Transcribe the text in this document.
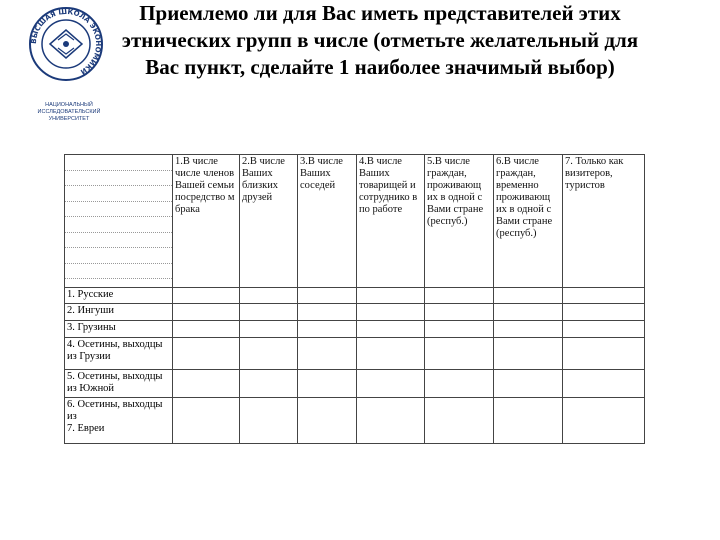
ВЫСШАЯ ШКОЛА ЭКОНОМИКИ
НАЦИОНАЛЬНЫЙ ИССЛЕДОВАТЕЛЬСКИЙ
УНИВЕРСИТЕТ
Приемлемо ли для Вас иметь представителей этих
этнических групп в числе (отметьте желательный для
Вас пункт, сделайте 1 наиболее значимый выбор)
	1.В числе числе членов Вашей семьи посредство м брака	2.В числе Ваших близких друзей	3.В числе Ваших соседей	4.В числе Ваших товарищей и сотруднико в по работе	5.В числе граждан, проживающ их в одной с Вами стране (респуб.)	6.В числе граждан, временно проживающ их в одной с Вами стране (респуб.)	7. Только как визитеров, туристов
1. Русские							
2. Ингуши							
3. Грузины							
4. Осетины, выходцы из Грузии							
5. Осетины, выходцы из Южной							

6. Осетины, выходцы из
7. Евреи							
